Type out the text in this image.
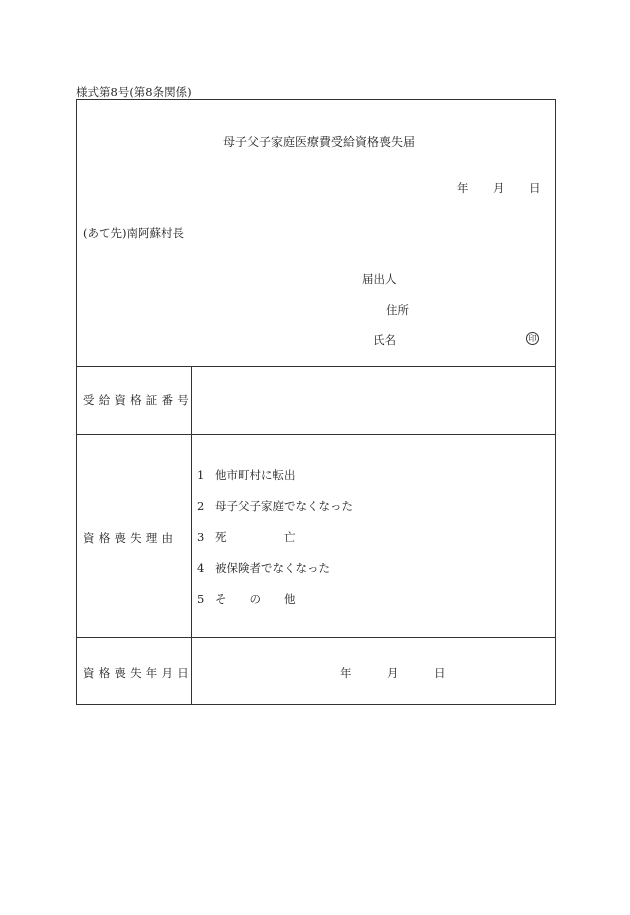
様式第8号(第8条関係)
母子父子家庭医療費受給資格喪失届
年 月 日
(あて先)南阿蘇村長
届出人
住所
氏名	印
受給資格証番号
資格喪失理由
1 他市町村に転出
2 母子父子家庭でなくなった
3 死　　　　　亡
4 被保険者でなくなった
5 そ　　の　　他
資格喪失年月日	年	月	日
